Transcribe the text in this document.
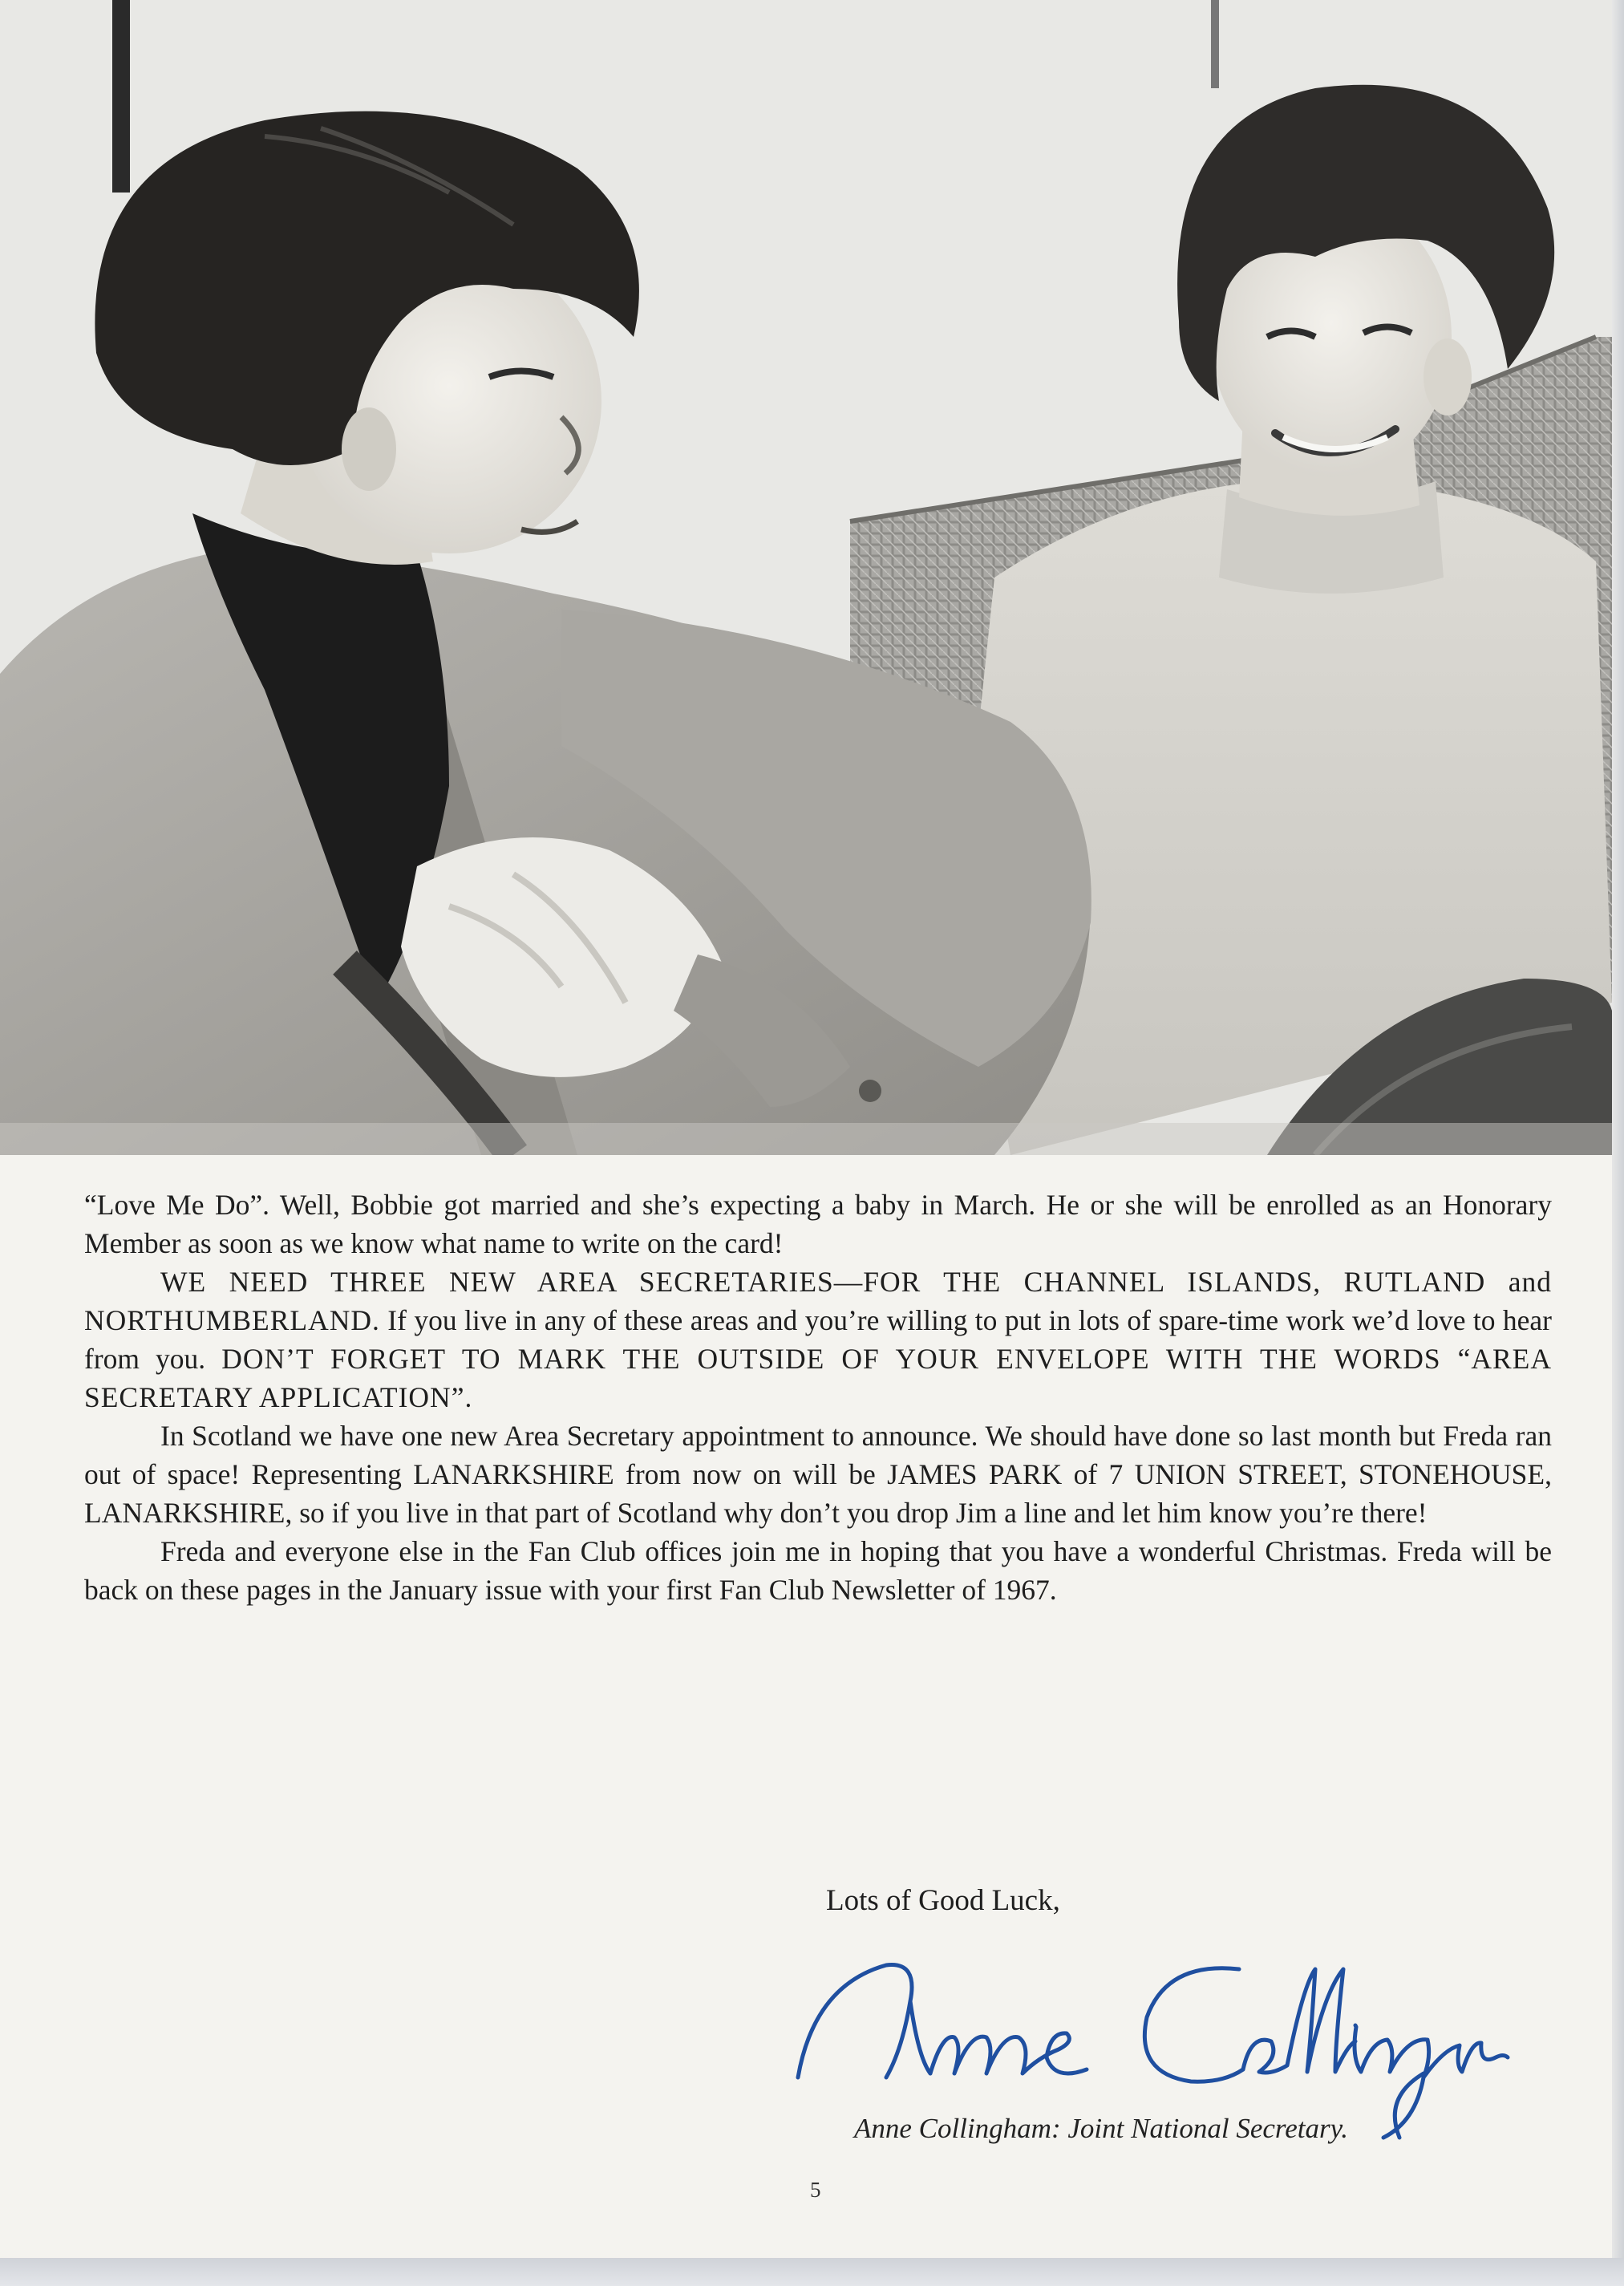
“Love Me Do”. Well, Bobbie got married and she’s expecting a baby in March. He or she will be enrolled as an Honorary Member as soon as we know what name to write on the card!

WE NEED THREE NEW AREA SECRETARIES—FOR THE CHANNEL ISLANDS, RUTLAND and NORTHUMBERLAND. If you live in any of these areas and you’re willing to put in lots of spare-time work we’d love to hear from you. DON’T FORGET TO MARK THE OUTSIDE OF YOUR ENVELOPE WITH THE WORDS “AREA SECRETARY APPLICATION”.

In Scotland we have one new Area Secretary appointment to announce. We should have done so last month but Freda ran out of space! Representing LANARKSHIRE from now on will be JAMES PARK of 7 UNION STREET, STONEHOUSE, LANARKSHIRE, so if you live in that part of Scotland why don’t you drop Jim a line and let him know you’re there!

Freda and everyone else in the Fan Club offices join me in hoping that you have a wonderful Christmas. Freda will be back on these pages in the January issue with your first Fan Club Newsletter of 1967.

Lots of Good Luck,
Anne Collingham: Joint National Secretary.
5
